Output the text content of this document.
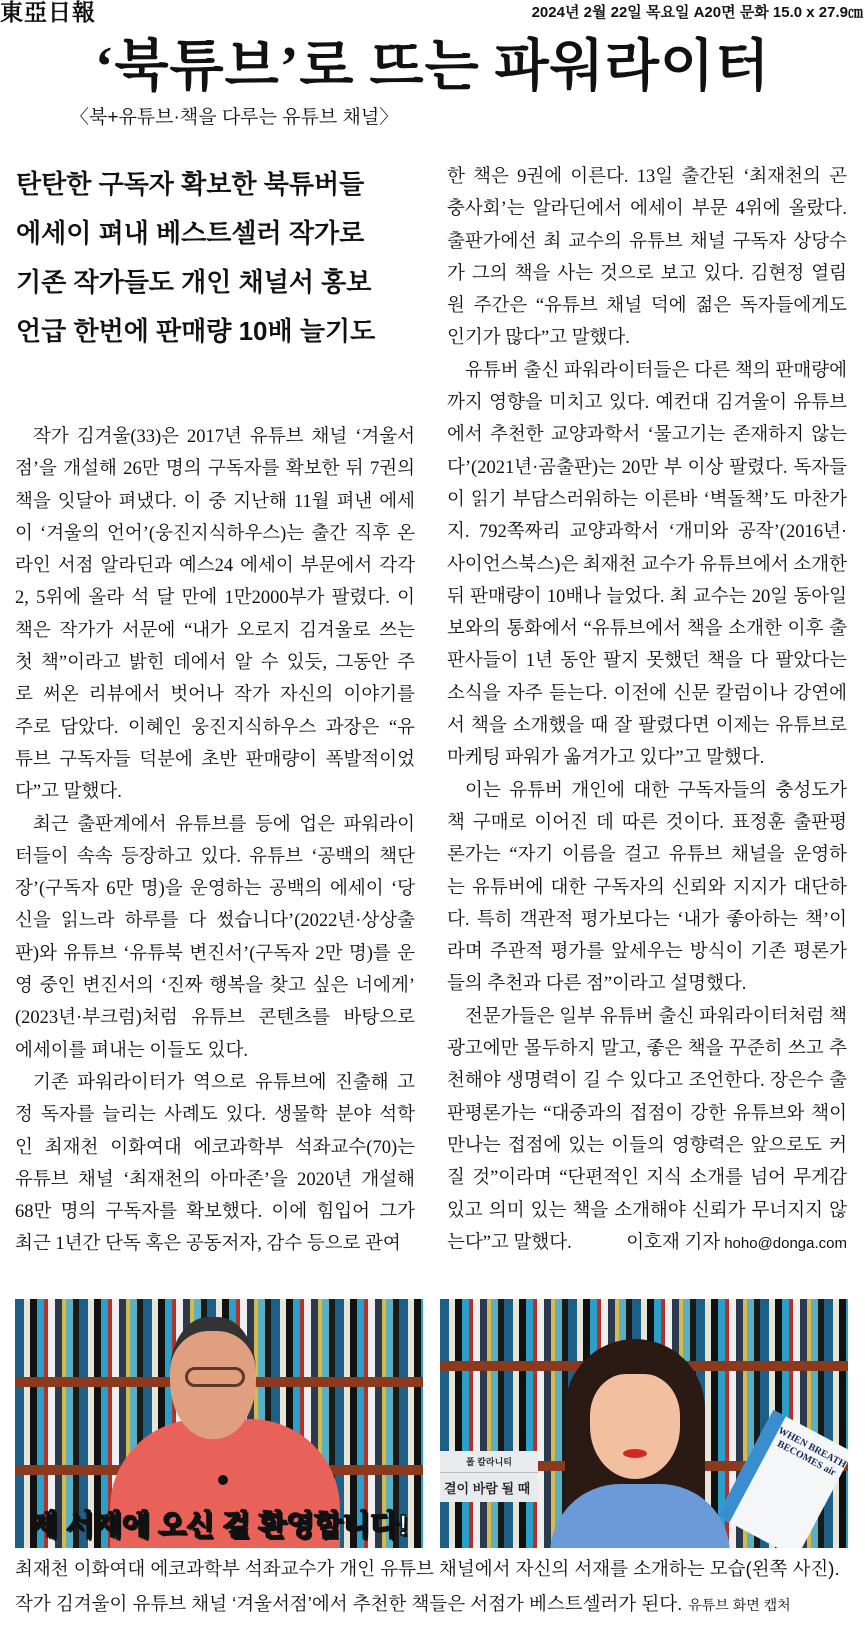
東亞日報	2024년 2월 22일 목요일 A20면 문화 15.0 x 27.9㎝
‘북튜브’로 뜨는 파워라이터
〈북+유튜브·책을 다루는 유튜브 채널〉
탄탄한 구독자 확보한 북튜버들
에세이 펴내 베스트셀러 작가로
기존 작가들도 개인 채널서 홍보
언급 한번에 판매량 10배 늘기도
작가 김겨울(33)은 2017년 유튜브 채널 ‘겨울서
점’을 개설해 26만 명의 구독자를 확보한 뒤 7권의
책을 잇달아 펴냈다. 이 중 지난해 11월 펴낸 에세
이 ‘겨울의 언어’(웅진지식하우스)는 출간 직후 온
라인 서점 알라딘과 예스24 에세이 부문에서 각각
2, 5위에 올라 석 달 만에 1만2000부가 팔렸다. 이
책은 작가가 서문에 “내가 오로지 김겨울로 쓰는
첫 책”이라고 밝힌 데에서 알 수 있듯, 그동안 주
로 써온 리뷰에서 벗어나 작가 자신의 이야기를
주로 담았다. 이혜인 웅진지식하우스 과장은 “유
튜브 구독자들 덕분에 초반 판매량이 폭발적이었
다”고 말했다.
최근 출판계에서 유튜브를 등에 업은 파워라이
터들이 속속 등장하고 있다. 유튜브 ‘공백의 책단
장’(구독자 6만 명)을 운영하는 공백의 에세이 ‘당
신을 읽느라 하루를 다 썼습니다’(2022년·상상출
판)와 유튜브 ‘유튜북 변진서’(구독자 2만 명)를 운
영 중인 변진서의 ‘진짜 행복을 찾고 싶은 너에게’
(2023년·부크럼)처럼 유튜브 콘텐츠를 바탕으로
에세이를 펴내는 이들도 있다.
기존 파워라이터가 역으로 유튜브에 진출해 고
정 독자를 늘리는 사례도 있다. 생물학 분야 석학
인 최재천 이화여대 에코과학부 석좌교수(70)는
유튜브 채널 ‘최재천의 아마존’을 2020년 개설해
68만 명의 구독자를 확보했다. 이에 힘입어 그가
최근 1년간 단독 혹은 공동저자, 감수 등으로 관여
한 책은 9권에 이른다. 13일 출간된 ‘최재천의 곤
충사회’는 알라딘에서 에세이 부문 4위에 올랐다.
출판가에선 최 교수의 유튜브 채널 구독자 상당수
가 그의 책을 사는 것으로 보고 있다. 김현정 열림
원 주간은 “유튜브 채널 덕에 젊은 독자들에게도
인기가 많다”고 말했다.
유튜버 출신 파워라이터들은 다른 책의 판매량에
까지 영향을 미치고 있다. 예컨대 김겨울이 유튜브
에서 추천한 교양과학서 ‘물고기는 존재하지 않는
다’(2021년·곰출판)는 20만 부 이상 팔렸다. 독자들
이 읽기 부담스러워하는 이른바 ‘벽돌책’도 마찬가
지. 792쪽짜리 교양과학서 ‘개미와 공작’(2016년·
사이언스북스)은 최재천 교수가 유튜브에서 소개한
뒤 판매량이 10배나 늘었다. 최 교수는 20일 동아일
보와의 통화에서 “유튜브에서 책을 소개한 이후 출
판사들이 1년 동안 팔지 못했던 책을 다 팔았다는
소식을 자주 듣는다. 이전에 신문 칼럼이나 강연에
서 책을 소개했을 때 잘 팔렸다면 이제는 유튜브로
마케팅 파워가 옮겨가고 있다”고 말했다.
이는 유튜버 개인에 대한 구독자들의 충성도가
책 구매로 이어진 데 따른 것이다. 표정훈 출판평
론가는 “자기 이름을 걸고 유튜브 채널을 운영하
는 유튜버에 대한 구독자의 신뢰와 지지가 대단하
다. 특히 객관적 평가보다는 ‘내가 좋아하는 책’이
라며 주관적 평가를 앞세우는 방식이 기존 평론가
들의 추천과 다른 점”이라고 설명했다.
전문가들은 일부 유튜버 출신 파워라이터처럼 책
광고에만 몰두하지 말고, 좋은 책을 꾸준히 쓰고 추
천해야 생명력이 길 수 있다고 조언한다. 장은수 출
판평론가는 “대중과의 접점이 강한 유튜브와 책이
만나는 접점에 있는 이들의 영향력은 앞으로도 커
질 것”이라며 “단편적인 지식 소개를 넘어 무게감
있고 의미 있는 책을 소개해야 신뢰가 무너지지 않
는다”고 말했다.	이호재 기자 hoho@donga.com
제 서재에 오신 걸 환영합니다!
WHEN BREATH BECOMES air
폴 칼라니티
결이 바람 될 때
최재천 이화여대 에코과학부 석좌교수가 개인 유튜브 채널에서 자신의 서재를 소개하는 모습(왼쪽 사진). 작가 김겨울이 유튜브 채널 ‘겨울서점’에서 추천한 책들은 서점가 베스트셀러가 된다. 유튜브 화면 캡처
